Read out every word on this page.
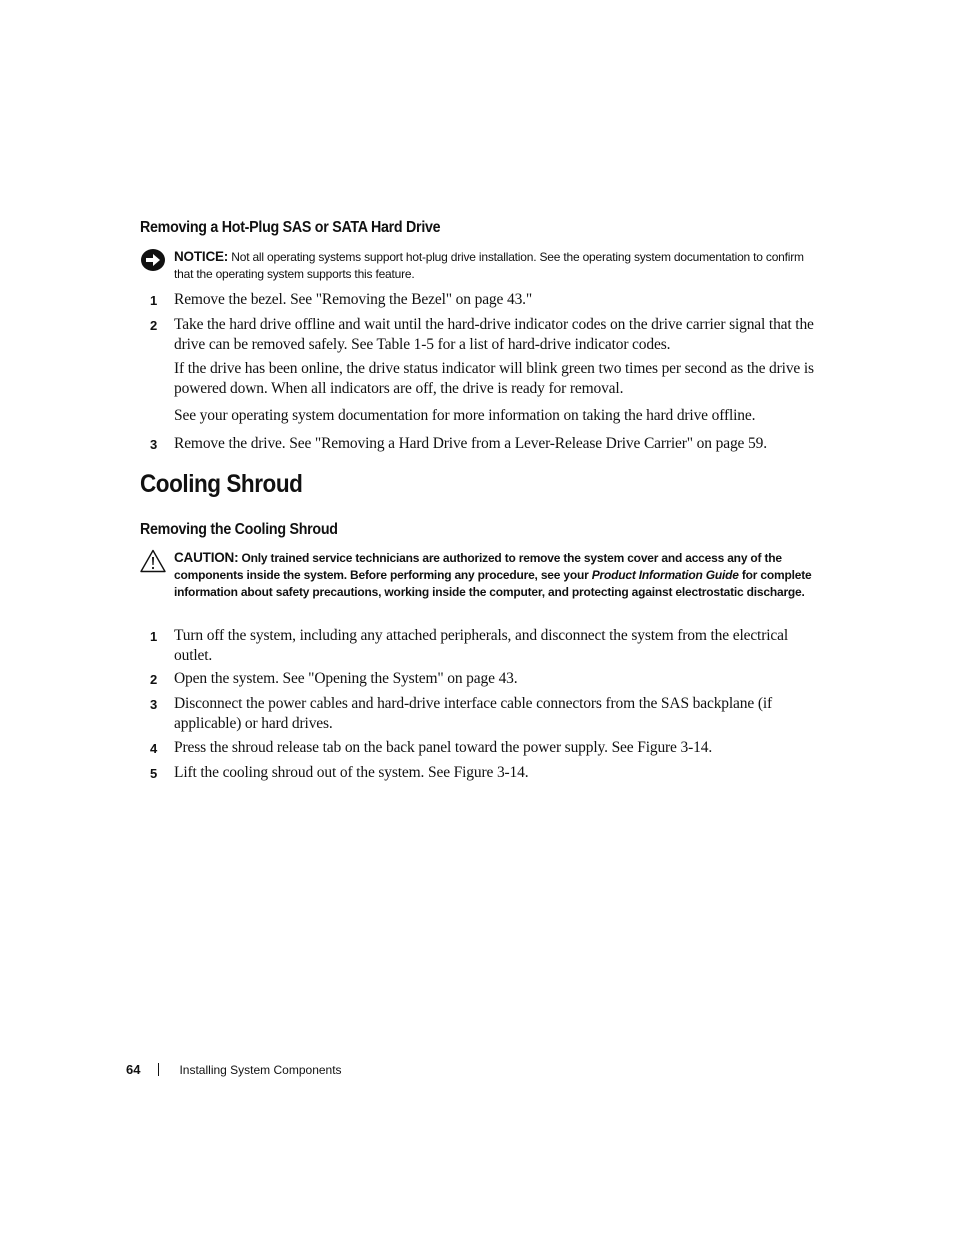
Removing a Hot-Plug SAS or SATA Hard Drive
NOTICE: Not all operating systems support hot-plug drive installation. See the operating system documentation to confirm that the operating system supports this feature.
1	Remove the bezel. See "Removing the Bezel" on page 43."
2	Take the hard drive offline and wait until the hard-drive indicator codes on the drive carrier signal that the drive can be removed safely. See Table 1-5 for a list of hard-drive indicator codes.
If the drive has been online, the drive status indicator will blink green two times per second as the drive is powered down. When all indicators are off, the drive is ready for removal.
See your operating system documentation for more information on taking the hard drive offline.
3	Remove the drive. See "Removing a Hard Drive from a Lever-Release Drive Carrier" on page 59.
Cooling Shroud
Removing the Cooling Shroud
CAUTION: Only trained service technicians are authorized to remove the system cover and access any of the components inside the system. Before performing any procedure, see your Product Information Guide for complete information about safety precautions, working inside the computer, and protecting against electrostatic discharge.
1	Turn off the system, including any attached peripherals, and disconnect the system from the electrical outlet.
2	Open the system. See "Opening the System" on page 43.
3	Disconnect the power cables and hard-drive interface cable connectors from the SAS backplane (if applicable) or hard drives.
4	Press the shroud release tab on the back panel toward the power supply. See Figure 3-14.
5	Lift the cooling shroud out of the system. See Figure 3-14.
64	Installing System Components
